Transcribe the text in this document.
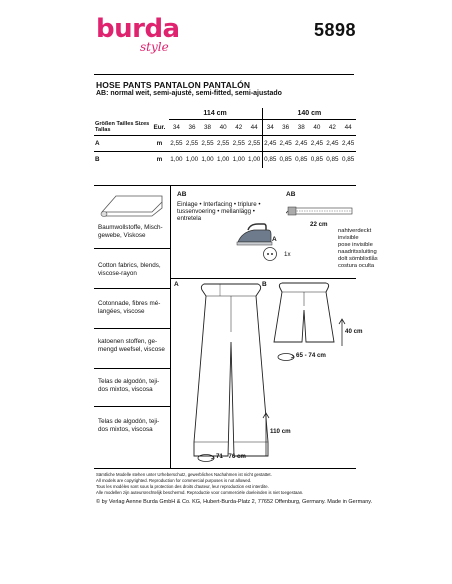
burda
style
5898
HOSE PANTS PANTALON PANTALÓN
AB: normal weit, semi-ajusté, semi-fitted, semi-ajustado
		114 cm						140 cm					
Größen Tailles Sizes
Tallas	Eur.	34	36	38	40	42	44	34	36	38	40	42	44
A	m	2,55	2,55	2,55	2,55	2,55	2,55	2,45	2,45	2,45	2,45	2,45	2,45
B	m	1,00	1,00	1,00	1,00	1,00	1,00	0,85	0,85	0,85	0,85	0,85	0,85
Baumwollstoffe, Misch-
gewebe, Viskose
Cotton fabrics, blends,
viscose-rayon
Cotonnade, fibres mé-
langées, viscose
katoenen stoffen, ge-
mengd weefsel, viscose
Telas de algodón, teji-
dos mixtos, viscosa
Telas de algodón, teji-
dos mixtos, viscosa
AB
Einlage • Interfacing • triplure •
tussenvoering • mellanlägg •
entretela
AB
22 cm
nahtverdeckt
invisible
pose invisible
naadritssluiting
dolt sömblixtlås
costura oculta
A
1x
A	B
40 cm
65 - 74 cm
110 cm
71 - 76 cm
Sämtliche Modelle stehen unter Urheberschutz, gewerbliches Nachahmen ist nicht gestattet.
All models are copyrighted. Reproduction for commercial purposes is not allowed.
Tous les modèles sont sous la protection des droits d'auteur, leur reproduction est interdite.
Alle modellen zijn auteursrechtelijk beschermd. Reproductie voor commerciële doeleinden is niet toegestaan.
© by Verlag Aenne Burda GmbH & Co. KG, Hubert-Burda-Platz 2, 77652 Offenburg, Germany. Made in Germany.
